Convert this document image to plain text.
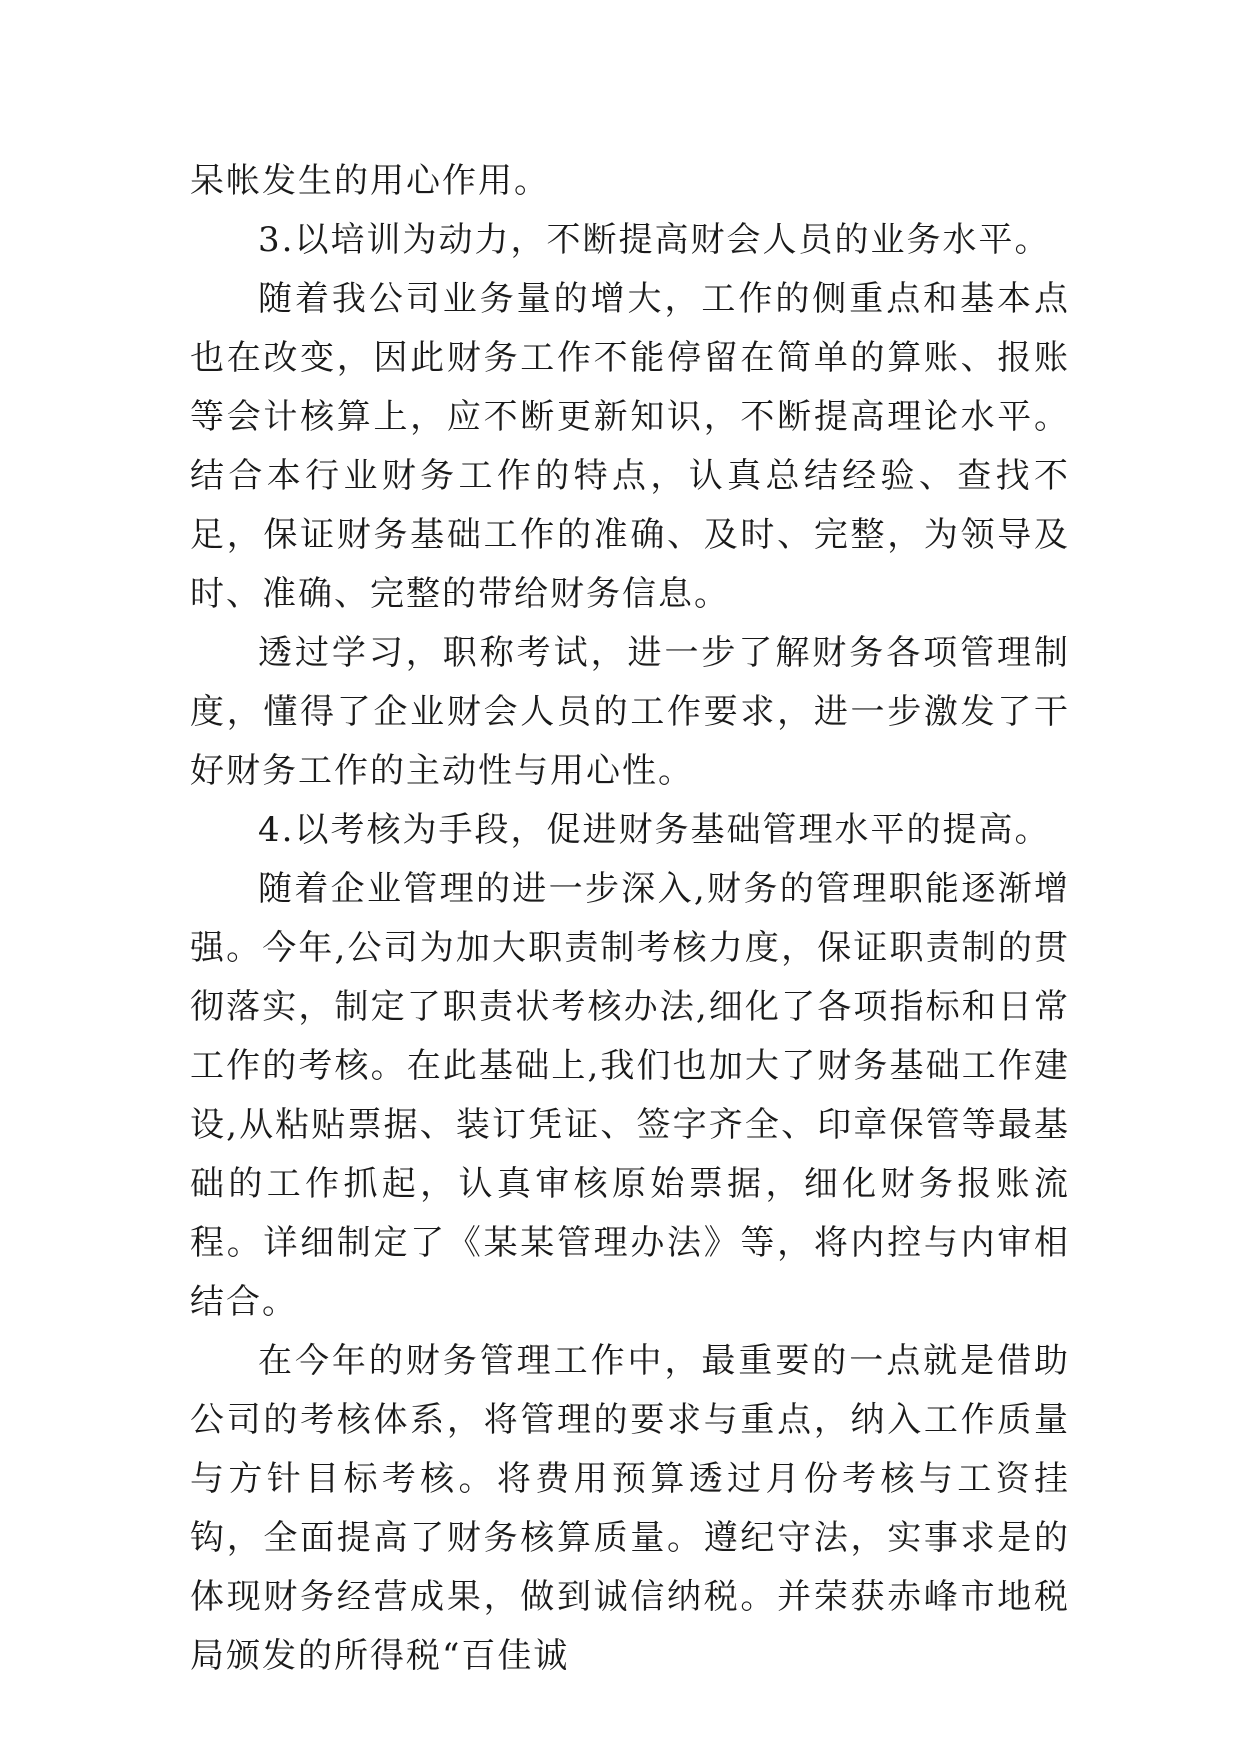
呆帐发生的用心作用。

3.以培训为动力，不断提高财会人员的业务水平。

随着我公司业务量的增大，工作的侧重点和基本点也在改变，因此财务工作不能停留在简单的算账、报账等会计核算上，应不断更新知识，不断提高理论水平。结合本行业财务工作的特点，认真总结经验、查找不足，保证财务基础工作的准确、及时、完整，为领导及时、准确、完整的带给财务信息。

透过学习，职称考试，进一步了解财务各项管理制度，懂得了企业财会人员的工作要求，进一步激发了干好财务工作的主动性与用心性。

4.以考核为手段，促进财务基础管理水平的提高。

随着企业管理的进一步深入,财务的管理职能逐渐增强。今年,公司为加大职责制考核力度，保证职责制的贯彻落实，制定了职责状考核办法,细化了各项指标和日常工作的考核。在此基础上,我们也加大了财务基础工作建设,从粘贴票据、装订凭证、签字齐全、印章保管等最基础的工作抓起，认真审核原始票据，细化财务报账流程。详细制定了《某某管理办法》等，将内控与内审相结合。

在今年的财务管理工作中，最重要的一点就是借助公司的考核体系，将管理的要求与重点，纳入工作质量与方针目标考核。将费用预算透过月份考核与工资挂钩，全面提高了财务核算质量。遵纪守法，实事求是的体现财务经营成果，做到诚信纳税。并荣获赤峰市地税局颁发的所得税“百佳诚
